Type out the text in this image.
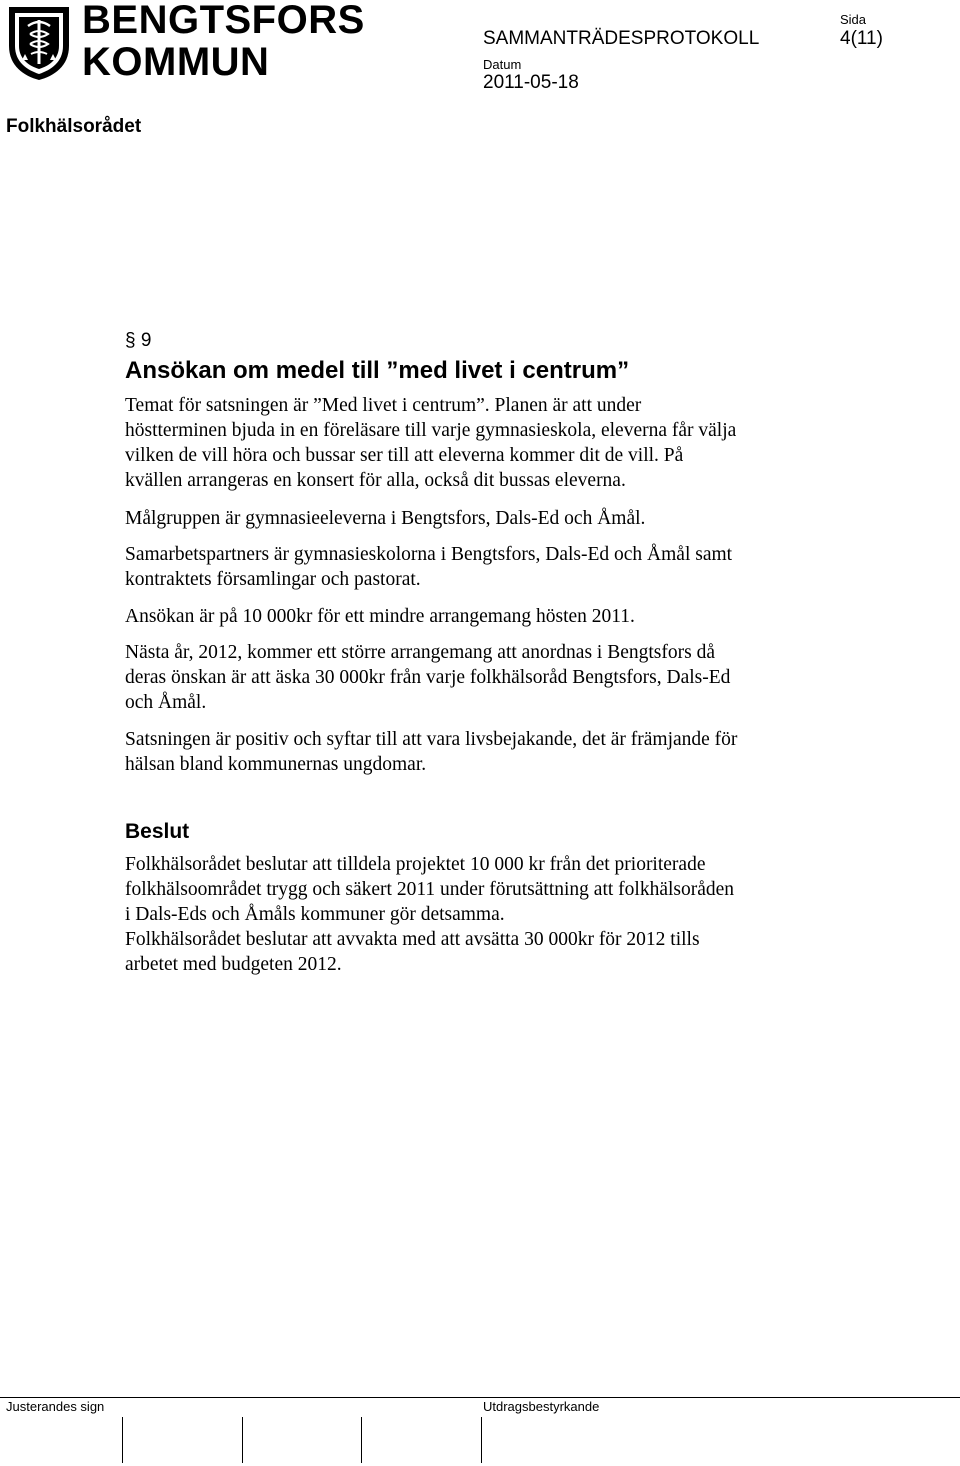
BENGTSFORS
KOMMUN
SAMMANTRÄDESPROTOKOLL
Sida
4(11)
Datum
2011-05-18
Folkhälsorådet
§ 9
Ansökan om medel till ”med livet i centrum”
Temat för satsningen är ”Med livet i centrum”. Planen är att under
höstterminen bjuda in en föreläsare till varje gymnasieskola, eleverna får välja
vilken de vill höra och bussar ser till att eleverna kommer dit de vill. På
kvällen arrangeras en konsert för alla, också dit bussas eleverna.
Målgruppen är gymnasieeleverna i Bengtsfors, Dals-Ed och Åmål.
Samarbetspartners är gymnasieskolorna i Bengtsfors, Dals-Ed och Åmål samt
kontraktets församlingar och pastorat.
Ansökan är på 10 000kr för ett mindre arrangemang hösten 2011.
Nästa år, 2012, kommer ett större arrangemang att anordnas i Bengtsfors då
deras önskan är att äska 30 000kr från varje folkhälsoråd Bengtsfors, Dals-Ed
och Åmål.
Satsningen är positiv och syftar till att vara livsbejakande, det är främjande för
hälsan bland kommunernas ungdomar.
Beslut
Folkhälsorådet beslutar att tilldela projektet 10 000 kr från det prioriterade
folkhälsoområdet trygg och säkert 2011 under förutsättning att folkhälsoråden
i Dals-Eds och Åmåls kommuner gör detsamma.
Folkhälsorådet beslutar att avvakta med att avsätta 30 000kr för 2012 tills
arbetet med budgeten 2012.
Justerandes sign	Utdragsbestyrkande
